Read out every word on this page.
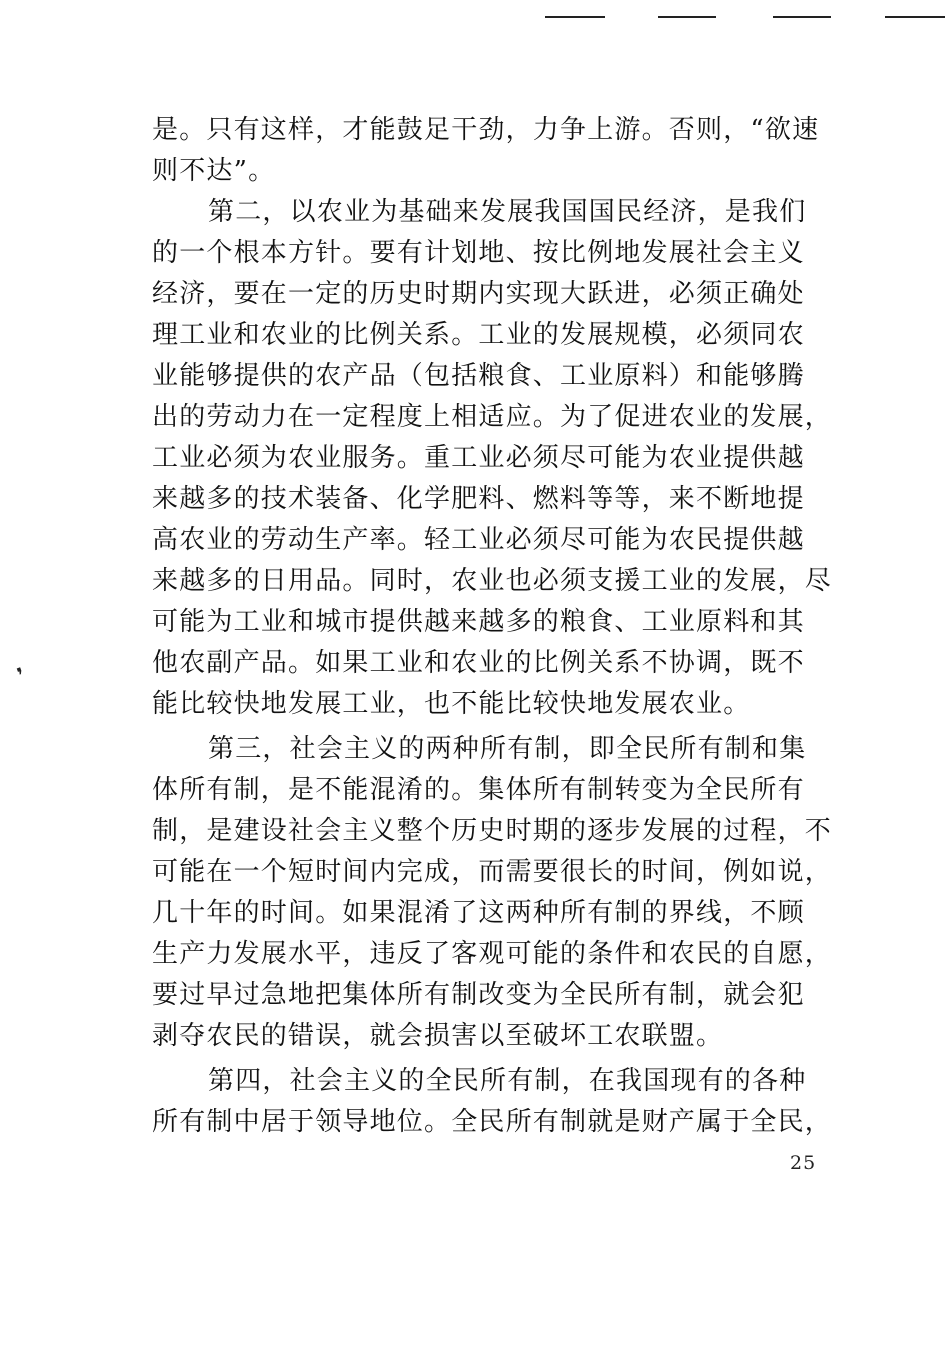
❜
是。只有这样，才能鼓足干劲，力争上游。否则，“欲速
则不达”。
第二，以农业为基础来发展我国国民经济，是我们
的一个根本方针。要有计划地、按比例地发展社会主义
经济，要在一定的历史时期内实现大跃进，必须正确处
理工业和农业的比例关系。工业的发展规模，必须同农
业能够提供的农产品（包括粮食、工业原料）和能够腾
出的劳动力在一定程度上相适应。为了促进农业的发展，
工业必须为农业服务。重工业必须尽可能为农业提供越
来越多的技术装备、化学肥料、燃料等等，来不断地提
高农业的劳动生产率。轻工业必须尽可能为农民提供越
来越多的日用品。同时，农业也必须支援工业的发展，尽
可能为工业和城市提供越来越多的粮食、工业原料和其
他农副产品。如果工业和农业的比例关系不协调，既不
能比较快地发展工业，也不能比较快地发展农业。
第三，社会主义的两种所有制，即全民所有制和集
体所有制，是不能混淆的。集体所有制转变为全民所有
制，是建设社会主义整个历史时期的逐步发展的过程，不
可能在一个短时间内完成，而需要很长的时间，例如说，
几十年的时间。如果混淆了这两种所有制的界线，不顾
生产力发展水平，违反了客观可能的条件和农民的自愿，
要过早过急地把集体所有制改变为全民所有制，就会犯
剥夺农民的错误，就会损害以至破坏工农联盟。
第四，社会主义的全民所有制，在我国现有的各种
所有制中居于领导地位。全民所有制就是财产属于全民，
25
